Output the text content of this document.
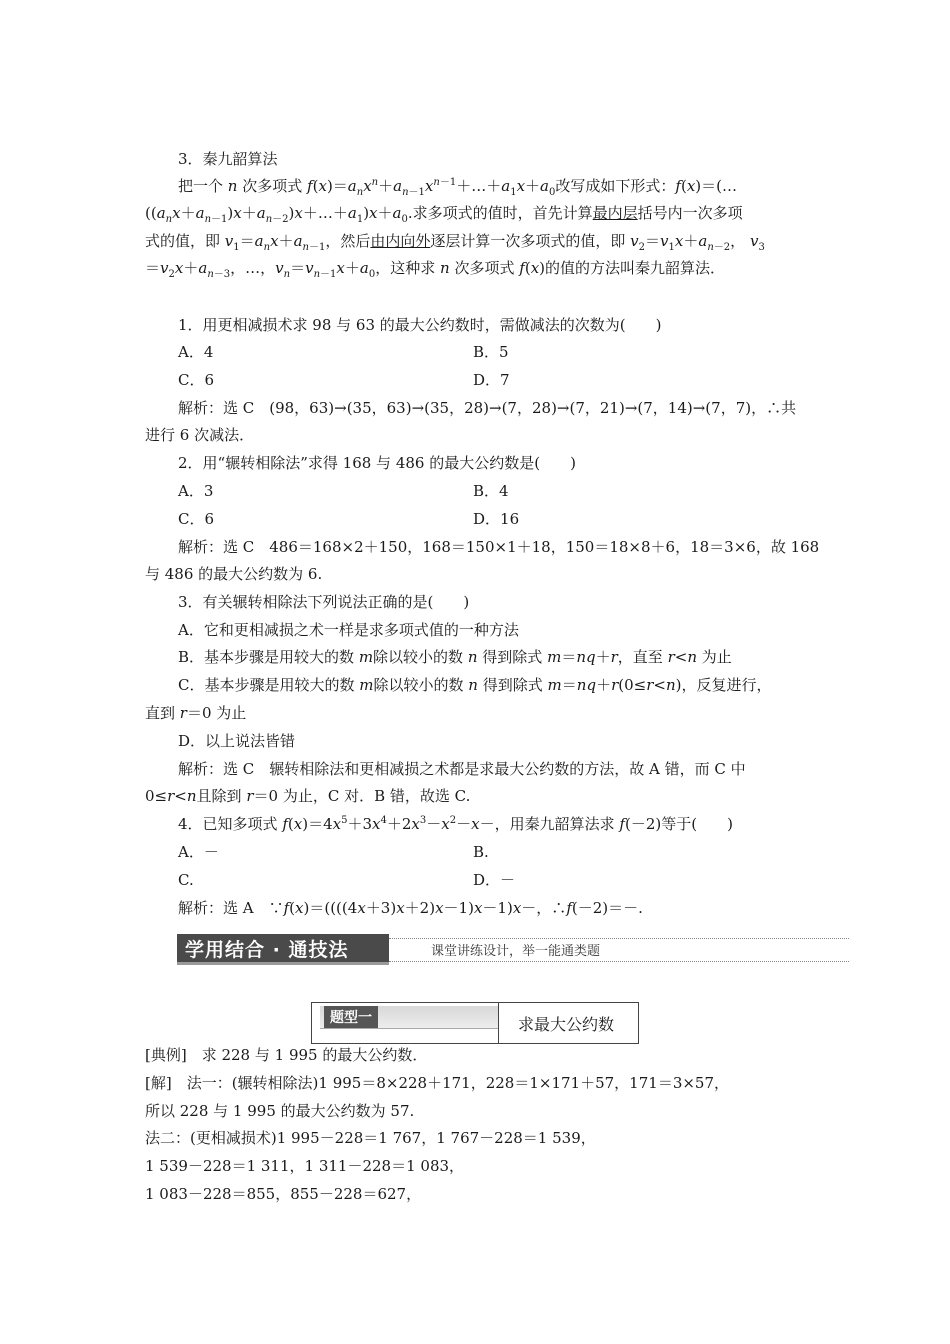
3．秦九韶算法
把一个 n 次多项式 $f(x)=a_nx^n+a_{n-1}x^{n-1}+\dots+a_1x+a_0$改写成如下形式：f(x)＝(…
$((a_nx+a_{n-1})x+a_{n-2})x+\dots+a_1)x+a_0$.求多项式的值时，首先计算最内层括号内一次多项
式的值，即 $v_1=a_nx+a_{n-1}$，然后由内向外逐层计算一次多项式的值，即 $v_2=v_1x+a_{n-2}$， $v_3$
$=v_2x+a_{n-3}$，…，$v_n=v_{n-1}x+a_0$，这种求 n 次多项式 f(x)的值的方法叫秦九韶算法．
1．用更相减损术求 98 与 63 的最大公约数时，需做减法的次数为(　　)
A．4	B．5
C．6	D．7
解析：选 C　(98，63)→(35，63)→(35，28)→(7，28)→(7，21)→(7，14)→(7，7)，∴共
进行 6 次减法．
2．用“辗转相除法”求得 168 与 486 的最大公约数是(　　)
A．3	B．4
C．6	D．16
解析：选 C　486＝168×2＋150，168＝150×1＋18，150＝18×8＋6，18＝3×6，故 168
与 486 的最大公约数为 6.
3．有关辗转相除法下列说法正确的是(　　)
A．它和更相减损之术一样是求多项式值的一种方法
B．基本步骤是用较大的数 m除以较小的数 n 得到除式 m＝nq＋r，直至 r<n 为止
C．基本步骤是用较大的数 m除以较小的数 n 得到除式 m＝nq＋r(0≤r<n)，反复进行，
直到 r＝0 为止
D．以上说法皆错
解析：选 C　辗转相除法和更相减损之术都是求最大公约数的方法，故 A 错，而 C 中
0≤r<n且除到 r＝0 为止，C 对．B 错，故选 C.
4．已知多项式 $f(x)=4x^5+3x^4+2x^3-x^2-x-$，用秦九韶算法求 f(－2)等于(　　)
A．－	B.
C.	D．－
解析：选 A　∵f(x)＝((((4x＋3)x＋2)x－1)x－1)x－，∴f(－2)＝－.
学用结合 · 通技法	课堂讲练设计，举一能通类题
题型一	求最大公约数
[典例]　求 228 与 1 995 的最大公约数．
[解]　法一：(辗转相除法)1 995＝8×228＋171，228＝1×171＋57，171＝3×57，
所以 228 与 1 995 的最大公约数为 57.
法二：(更相减损术)1 995－228＝1 767，1 767－228＝1 539，
1 539－228＝1 311，1 311－228＝1 083，
1 083－228＝855，855－228＝627，
